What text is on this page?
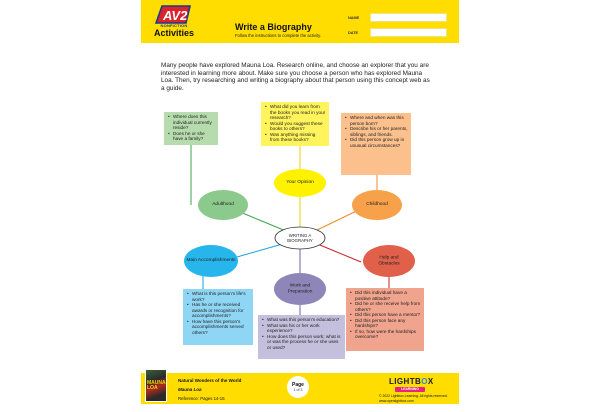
AV2
NONFICTION
Activities
Write a Biography
Follow the instructions to complete the activity.
NAME
DATE
Many people have explored Mauna Loa. Research online, and choose an explorer that you are interested in learning more about. Make sure you choose a person who has explored Mauna Loa. Then, try researching and writing a biography about that person using this concept web as a guide.
Your Opinion
Adulthood	Childhood
Main Accomplishments
Work and Preparation
Help and Obstacles
WRITING A BIOGRAPHY
• What did you learn from the books you read in your research?
• Would you suggest these books to others?
• Was anything missing from these books?
• Where does this individual currently reside?
• Does he or she have a family?
• Where and when was this person born?
• Describe his or her parents, siblings, and friends.
• Did this person grow up in unusual circumstances?
• What is this person's life's work?
• Has he or she received awards or recognition for accomplishments?
• How have this person's accomplishments served others?
• What was this person's education?
• What was his or her work experience?
• How does this person work; what is or was the process he or she uses or used?
• Did this individual have a positive attitude?
• Did he or she receive help from others?
• Did this person have a mentor?
• Did this person face any hardships?
• If so, how were the hardships overcome?
MAUNA LOA
Natural Wonders of the World
Mauna Loa
Reference: Pages 14-15
Page
1 of 3
LIGHTBOX
LEARNING
© 2022 Lightbox Learning. All rights reserved.
www.openlightbox.com
